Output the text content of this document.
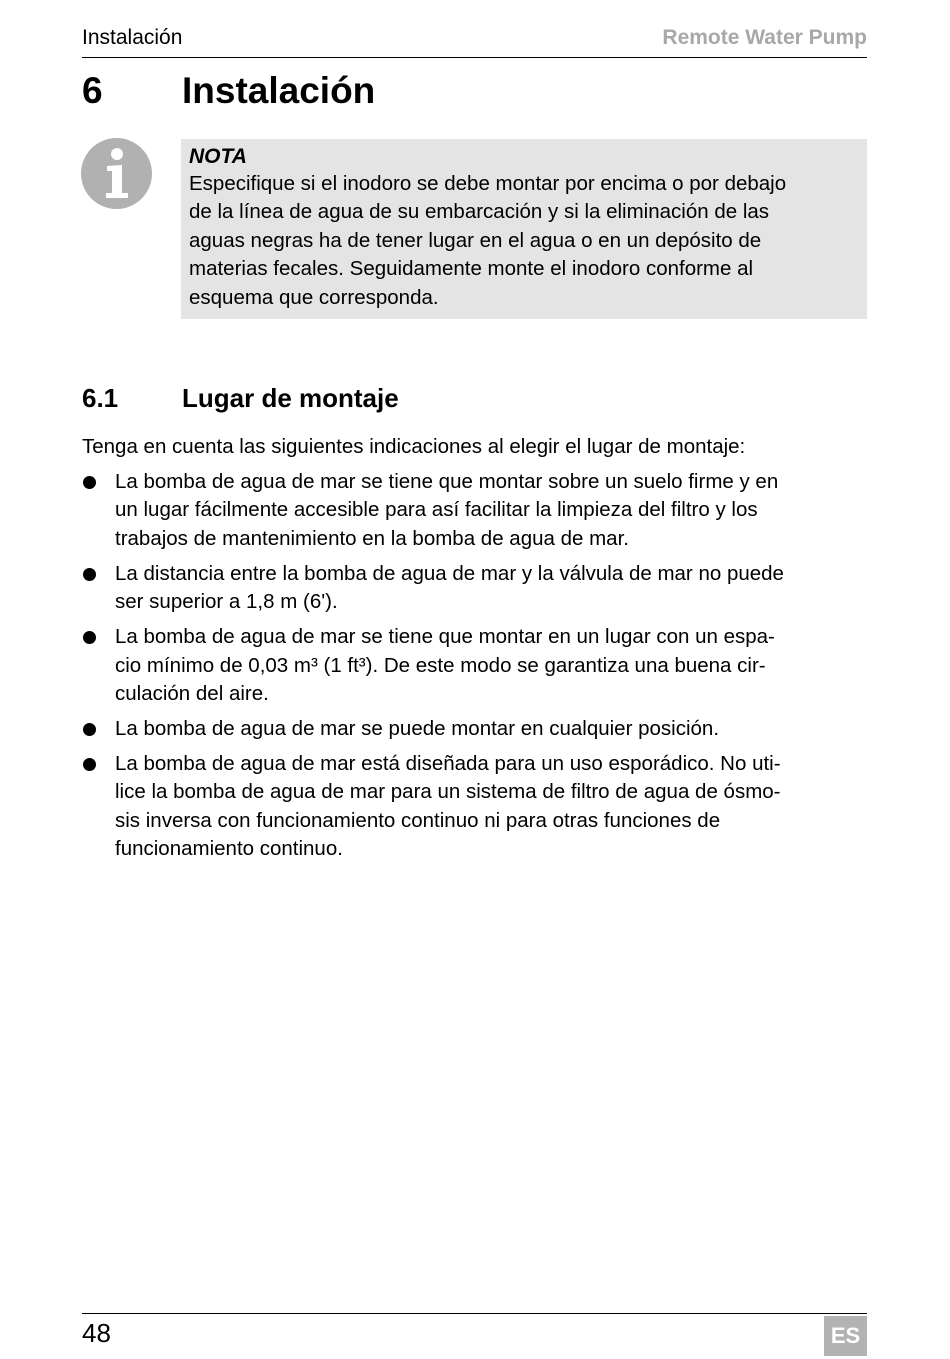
Instalación	Remote Water Pump
6 Instalación
NOTA

Especifique si el inodoro se debe montar por encima o por debajo
de la línea de agua de su embarcación y si la eliminación de las
aguas negras ha de tener lugar en el agua o en un depósito de
materias fecales. Seguidamente monte el inodoro conforme al
esquema que corresponda.

6.1 Lugar de montaje

Tenga en cuenta las siguientes indicaciones al elegir el lugar de montaje:

La bomba de agua de mar se tiene que montar sobre un suelo firme y en
un lugar fácilmente accesible para así facilitar la limpieza del filtro y los
trabajos de mantenimiento en la bomba de agua de mar.
La distancia entre la bomba de agua de mar y la válvula de mar no puede
ser superior a 1,8 m (6').
La bomba de agua de mar se tiene que montar en un lugar con un espa-
cio mínimo de 0,03 m³ (1 ft³). De este modo se garantiza una buena cir-
culación del aire.
La bomba de agua de mar se puede montar en cualquier posición.
La bomba de agua de mar está diseñada para un uso esporádico. No uti-
lice la bomba de agua de mar para un sistema de filtro de agua de ósmo-
sis inversa con funcionamiento continuo ni para otras funciones de
funcionamiento continuo.
48	ES
